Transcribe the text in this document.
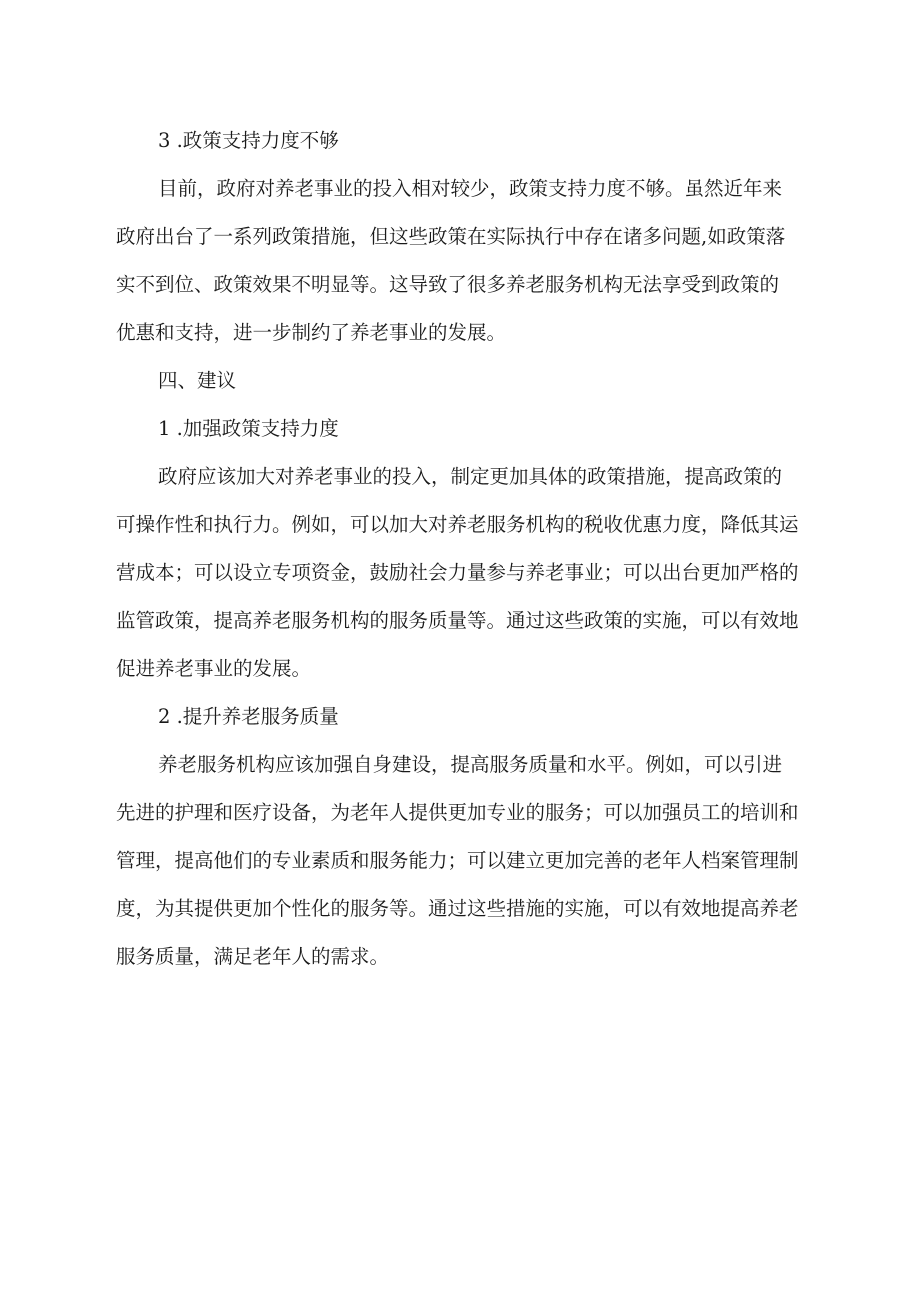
3 .政策支持力度不够
目前，政府对养老事业的投入相对较少，政策支持力度不够。虽然近年来
政府出台了一系列政策措施，但这些政策在实际执行中存在诸多问题,如政策落
实不到位、政策效果不明显等。这导致了很多养老服务机构无法享受到政策的
优惠和支持，进一步制约了养老事业的发展。
四、建议
1 .加强政策支持力度
政府应该加大对养老事业的投入，制定更加具体的政策措施，提高政策的
可操作性和执行力。例如，可以加大对养老服务机构的税收优惠力度，降低其运
营成本；可以设立专项资金，鼓励社会力量参与养老事业；可以出台更加严格的
监管政策，提高养老服务机构的服务质量等。通过这些政策的实施，可以有效地
促进养老事业的发展。
2 .提升养老服务质量
养老服务机构应该加强自身建设，提高服务质量和水平。例如，可以引进
先进的护理和医疗设备，为老年人提供更加专业的服务；可以加强员工的培训和
管理，提高他们的专业素质和服务能力；可以建立更加完善的老年人档案管理制
度，为其提供更加个性化的服务等。通过这些措施的实施，可以有效地提高养老
服务质量，满足老年人的需求。
